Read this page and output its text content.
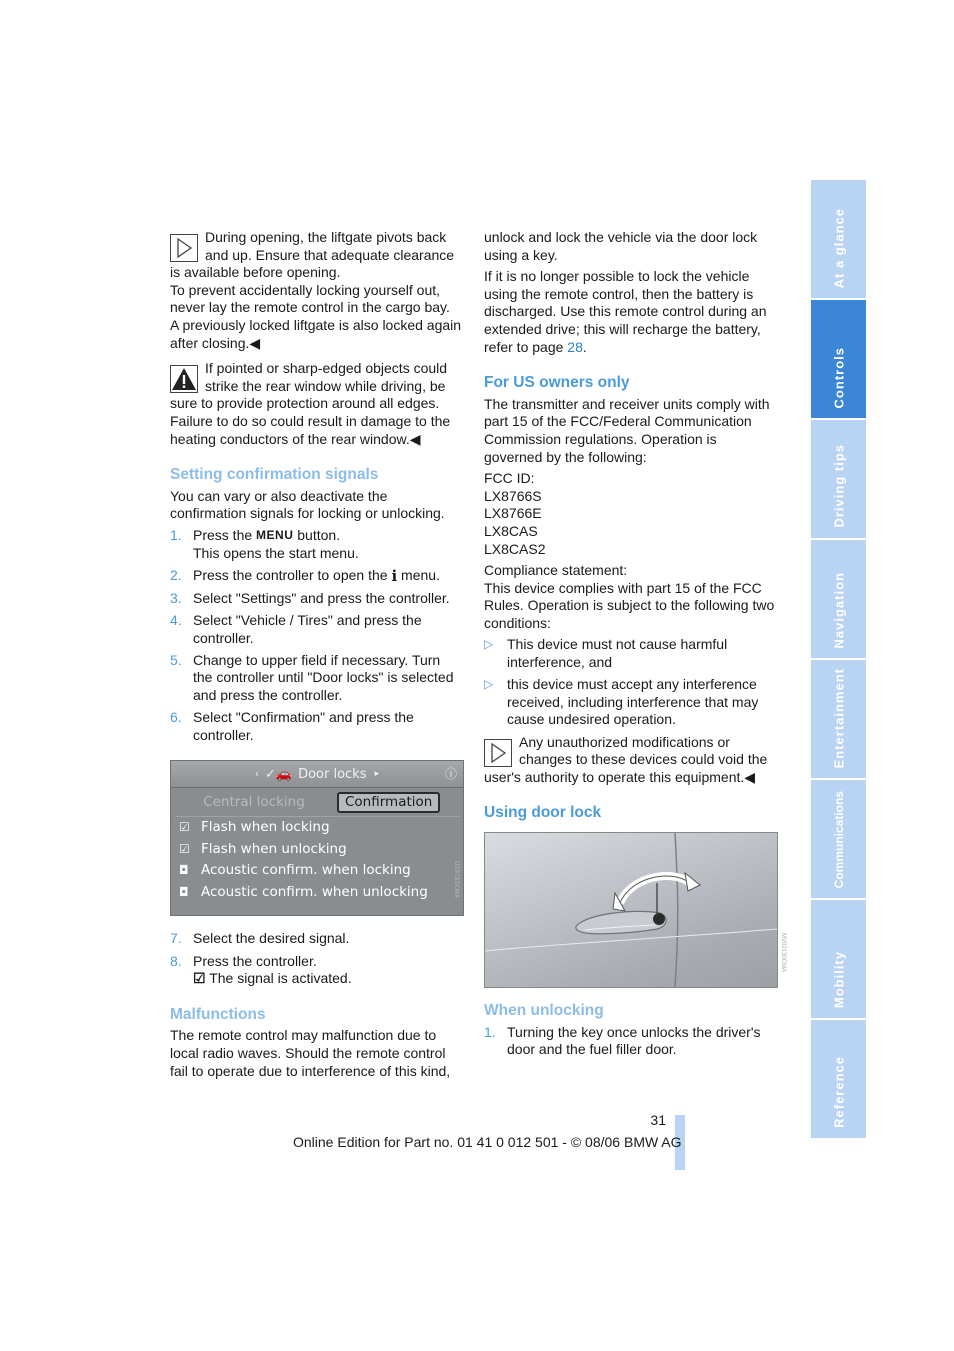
During opening, the liftgate pivots back and up. Ensure that adequate clearance is available before opening.

To prevent accidentally locking yourself out, never lay the remote control in the cargo bay.

A previously locked liftgate is also locked again after closing.◀

If pointed or sharp-edged objects could strike the rear window while driving, be sure to provide protection around all edges. Failure to do so could result in damage to the heating conductors of the rear window.◀

Setting confirmation signals

You can vary or also deactivate the confirmation signals for locking or unlocking.

1. Press the MENU button.
This opens the start menu.
2. Press the controller to open the i menu.
3. Select "Settings" and press the controller.
4. Select "Vehicle / Tires" and press the controller.
5. Change to upper field if necessary. Turn the controller until "Door locks" is selected and press the controller.
6. Select "Confirmation" and press the controller.
‹ ✓🚗 Door locks ▸	ⓘ
Central locking	Confirmation
☑ Flash when locking
☑ Flash when unlocking
◘ Acoustic confirm. when locking
◘ Acoustic confirm. when unlocking	US9785CMA
7. Select the desired signal.
8. Press the controller.
☑ The signal is activated.
Malfunctions

The remote control may malfunction due to local radio waves. Should the remote control fail to operate due to interference of this kind,

unlock and lock the vehicle via the door lock using a key.

If it is no longer possible to lock the vehicle using the remote control, then the battery is discharged. Use this remote control during an extended drive; this will recharge the battery, refer to page 28.

For US owners only

The transmitter and receiver units comply with part 15 of the FCC/Federal Communication Commission regulations. Operation is governed by the following:

FCC ID:

LX8766S

LX8766E

LX8CAS

LX8CAS2

Compliance statement:

This device complies with part 15 of the FCC Rules. Operation is subject to the following two conditions:

▷ This device must not cause harmful interference, and
▷ this device must accept any interference received, including interference that may cause undesired operation.

Any unauthorized modifications or changes to these devices could void the user's authority to operate this equipment.◀

Using door lock
MV02130CMA
When unlocking
1. Turning the key once unlocks the driver's door and the fuel filler door.
At a glance
Controls
Driving tips
Navigation
Entertainment
Communications
Mobility
Reference
31
Online Edition for Part no. 01 41 0 012 501 - © 08/06 BMW AG
